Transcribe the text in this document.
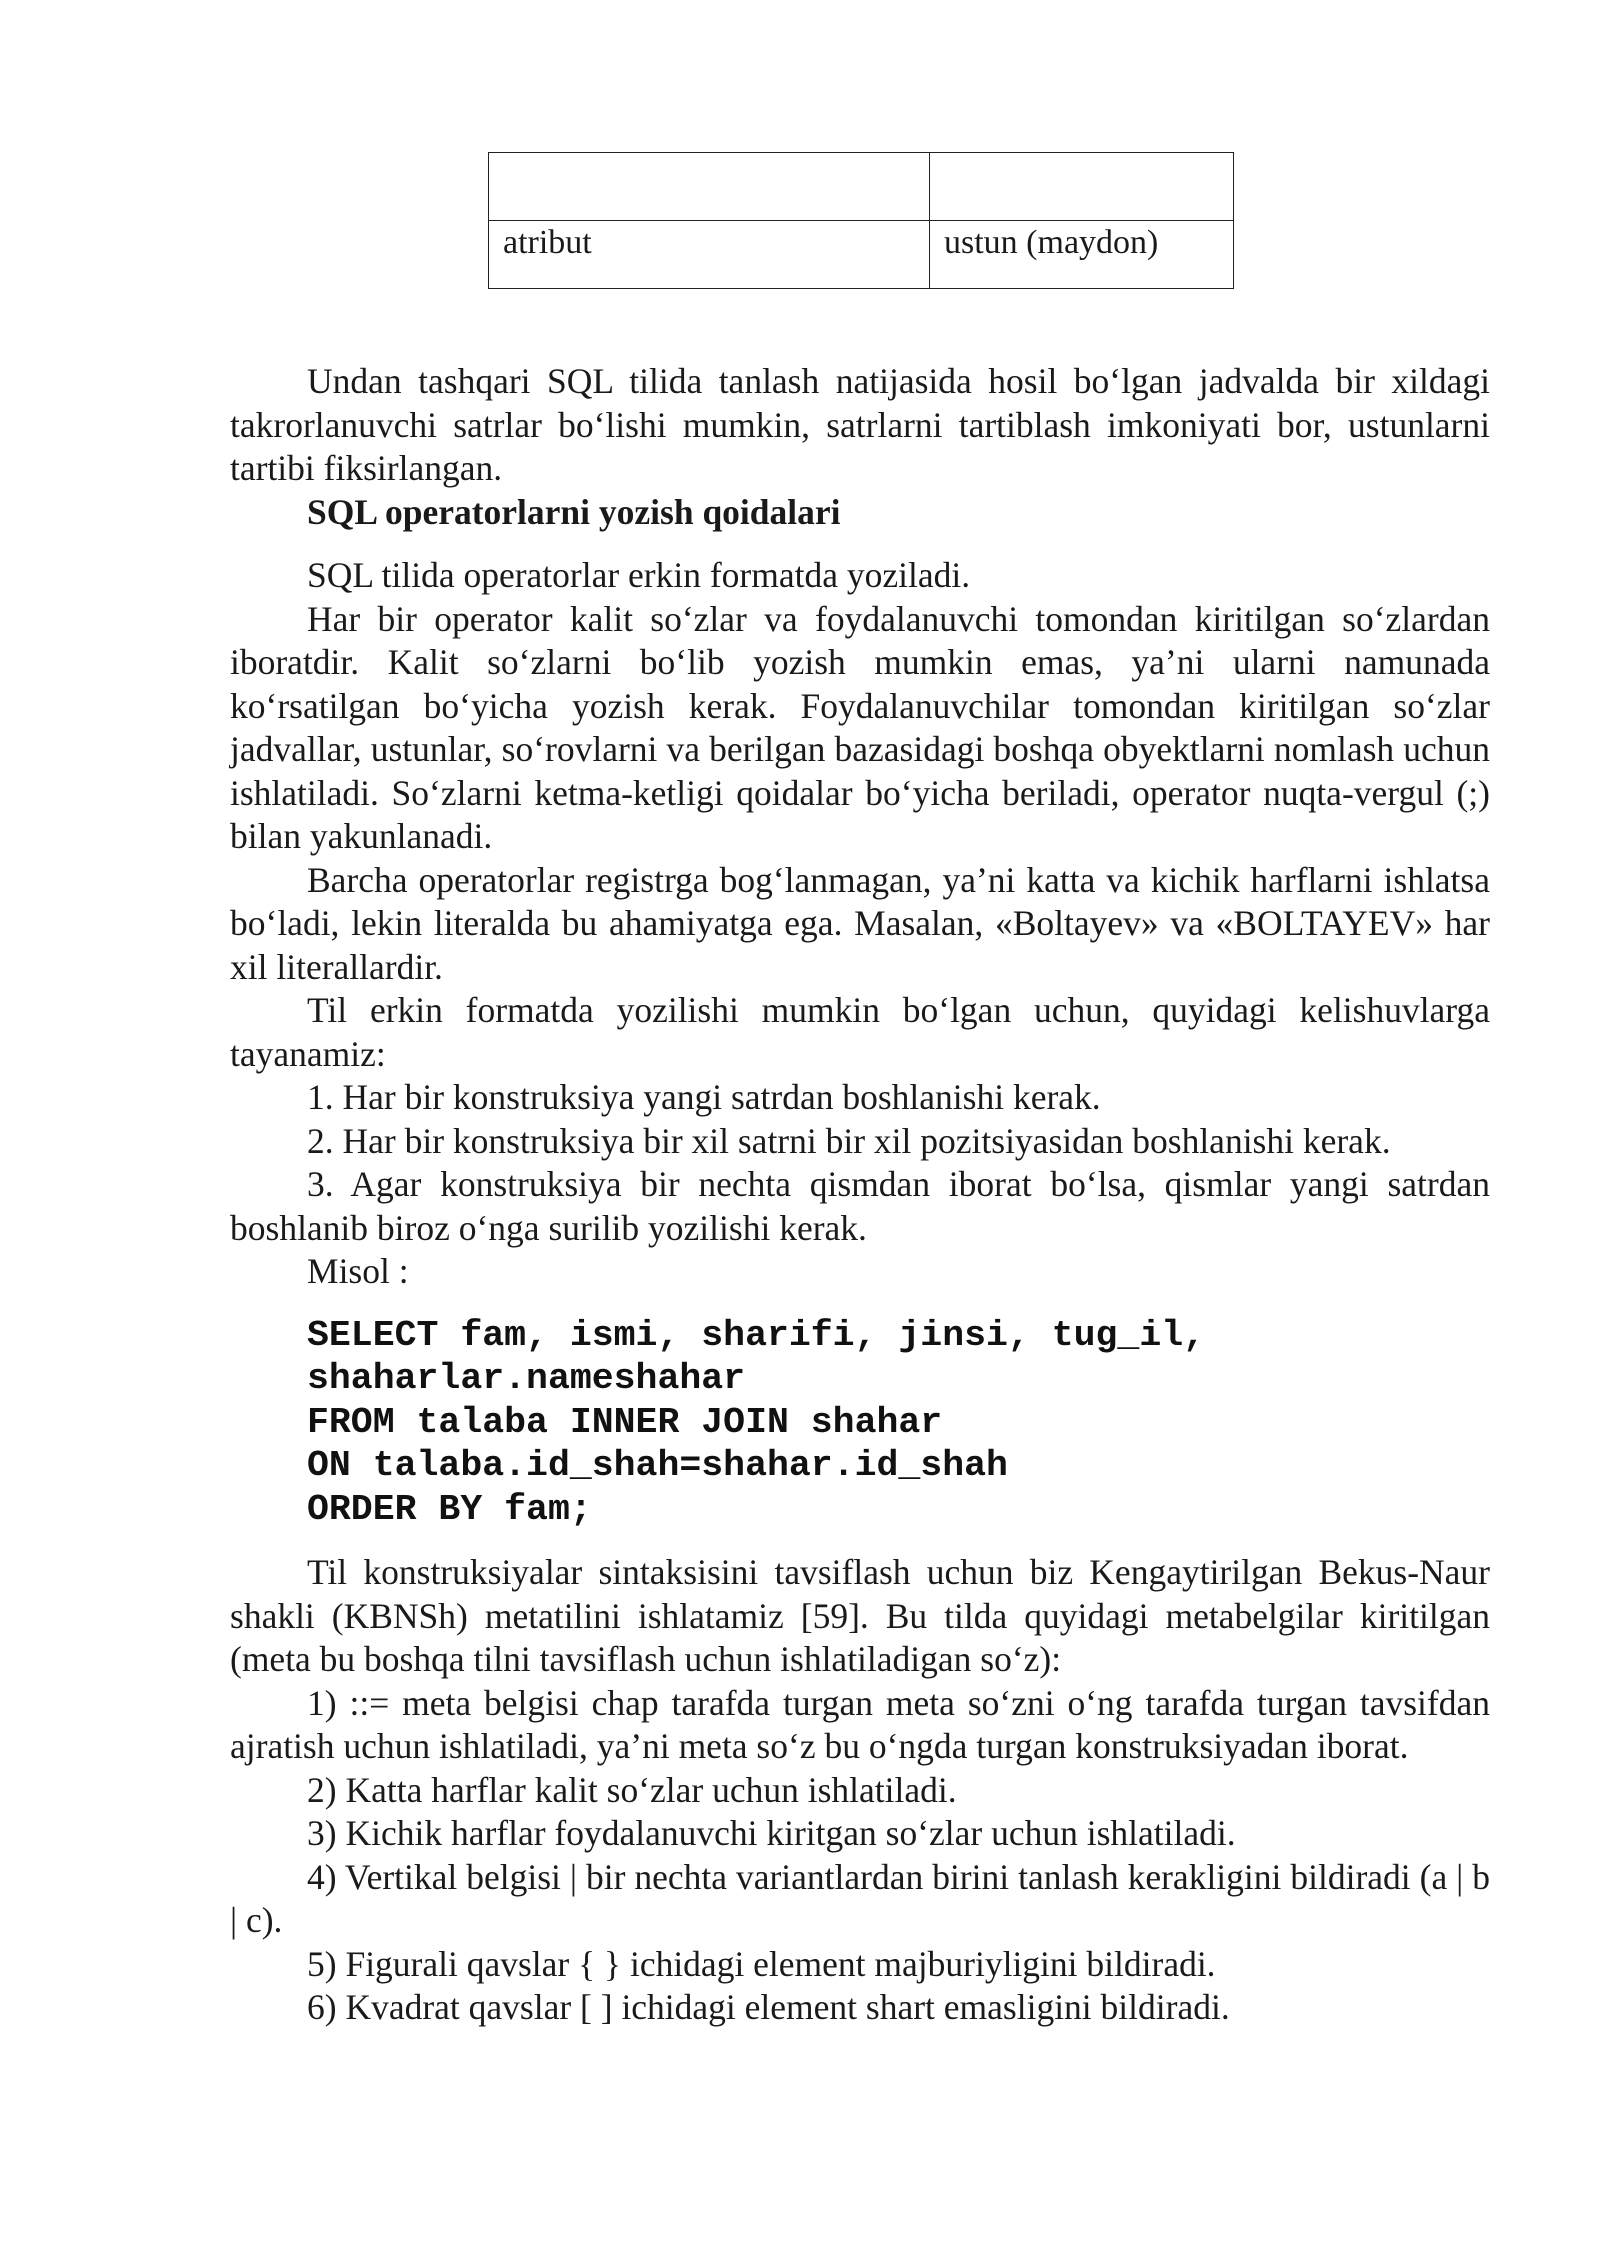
atribut	ustun (maydon)

Undan tashqari SQL tilida tanlash natijasida hosil bo‘lgan jadvalda bir xildagi takrorlanuvchi satrlar bo‘lishi mumkin, satrlarni tartiblash imkoniyati bor, ustunlarni tartibi fiksirlangan.

SQL operatorlarni yozish qoidalari

SQL tilida operatorlar erkin formatda yoziladi.

Har bir operator kalit so‘zlar va foydalanuvchi tomondan kiritilgan so‘zlardan iboratdir. Kalit so‘zlarni bo‘lib yozish mumkin emas, ya’ni ularni namunada ko‘rsatilgan bo‘yicha yozish kerak. Foydalanuvchilar tomondan kiritilgan so‘zlar jadvallar, ustunlar, so‘rovlarni va berilgan bazasidagi boshqa obyektlarni nomlash uchun ishlatiladi. So‘zlarni ketma-ketligi qoidalar bo‘yicha beriladi, operator nuqta-vergul (;) bilan yakunlanadi.

Barcha operatorlar registrga bog‘lanmagan, ya’ni katta va kichik harflarni ishlatsa bo‘ladi, lekin literalda bu ahamiyatga ega. Masalan, «Boltayev» va «BOLTAYEV» har xil literallardir.

Til erkin formatda yozilishi mumkin bo‘lgan uchun, quyidagi kelishuvlarga tayanamiz:

1. Har bir konstruksiya yangi satrdan boshlanishi kerak.

2. Har bir konstruksiya bir xil satrni bir xil pozitsiyasidan boshlanishi kerak.

3. Agar konstruksiya bir nechta qismdan iborat bo‘lsa, qismlar yangi satrdan boshlanib biroz o‘nga surilib yozilishi kerak.

Misol :

SELECT fam, ismi, sharifi, jinsi, tug_il,
shaharlar.nameshahar
FROM talaba INNER JOIN shahar
ON talaba.id_shah=shahar.id_shah
ORDER BY fam;

Til konstruksiyalar sintaksisini tavsiflash uchun biz Kengaytirilgan Bekus-Naur shakli (KBNSh) metatilini ishlatamiz [59]. Bu tilda quyidagi metabelgilar kiritilgan (meta bu boshqa tilni tavsiflash uchun ishlatiladigan so‘z):

1) ::= meta belgisi chap tarafda turgan meta so‘zni o‘ng tarafda turgan tavsifdan ajratish uchun ishlatiladi, ya’ni meta so‘z bu o‘ngda turgan konstruksiyadan iborat.

2) Katta harflar kalit so‘zlar uchun ishlatiladi.

3) Kichik harflar foydalanuvchi kiritgan so‘zlar uchun ishlatiladi.

4) Vertikal belgisi | bir nechta variantlardan birini tanlash kerakligini bildiradi (a | b | c).

5) Figurali qavslar { } ichidagi element majburiyligini bildiradi.

6) Kvadrat qavslar [ ] ichidagi element shart emasligini bildiradi.
